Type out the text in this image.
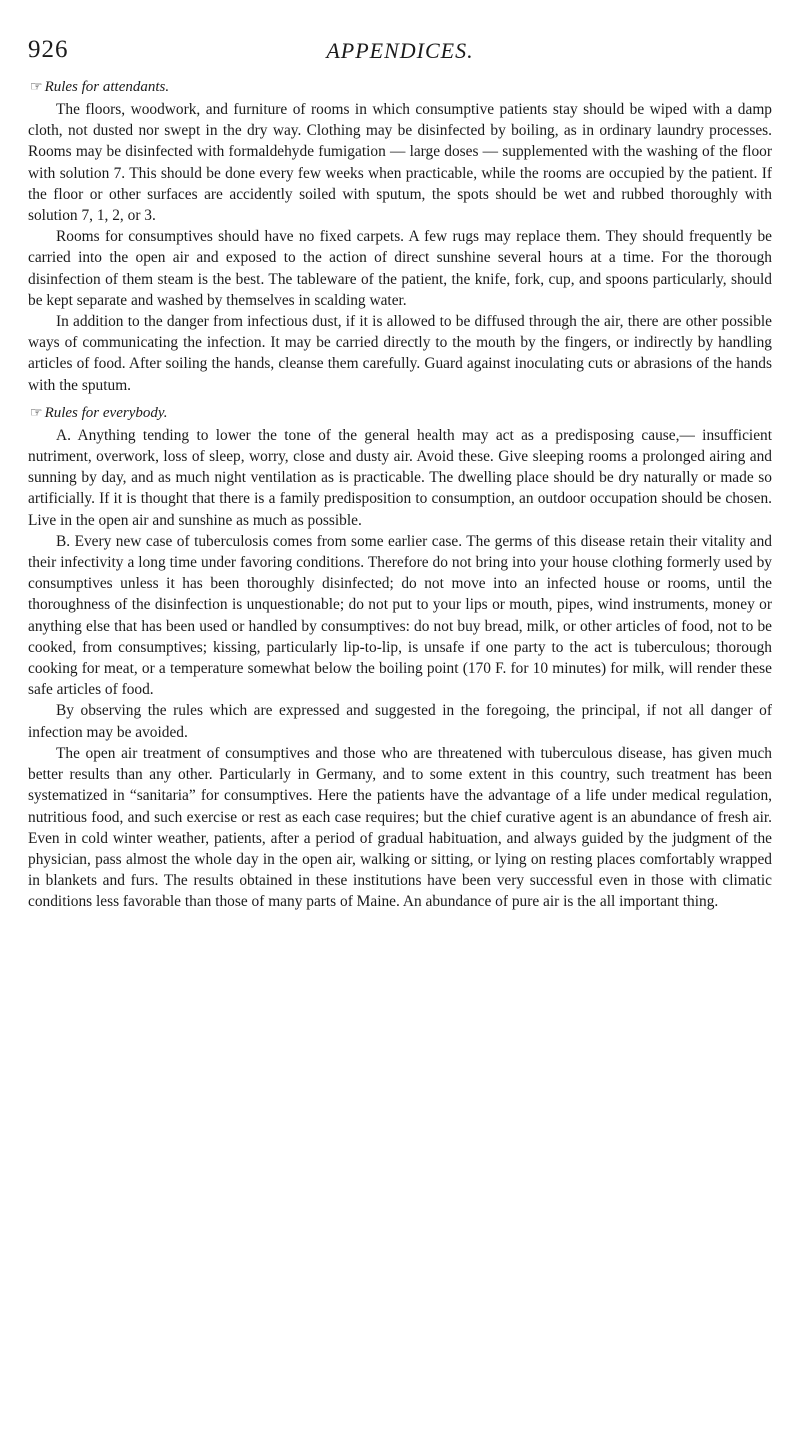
926	APPENDICES.
☞ Rules for attendants.

The floors, woodwork, and furniture of rooms in which consumptive patients stay should be wiped with a damp cloth, not dusted nor swept in the dry way. Clothing may be disinfected by boiling, as in ordinary laundry processes. Rooms may be disinfected with formaldehyde fumigation — large doses — supplemented with the washing of the floor with solution 7. This should be done every few weeks when practicable, while the rooms are occupied by the patient. If the floor or other surfaces are accidently soiled with sputum, the spots should be wet and rubbed thoroughly with solution 7, 1, 2, or 3.

Rooms for consumptives should have no fixed carpets. A few rugs may replace them. They should frequently be carried into the open air and exposed to the action of direct sunshine several hours at a time. For the thorough disinfection of them steam is the best. The tableware of the patient, the knife, fork, cup, and spoons particularly, should be kept separate and washed by themselves in scalding water.

In addition to the danger from infectious dust, if it is allowed to be diffused through the air, there are other possible ways of communicating the infection. It may be carried directly to the mouth by the fingers, or indirectly by handling articles of food. After soiling the hands, cleanse them carefully. Guard against inoculating cuts or abrasions of the hands with the sputum.

☞ Rules for everybody.

A. Anything tending to lower the tone of the general health may act as a predisposing cause,— insufficient nutriment, overwork, loss of sleep, worry, close and dusty air. Avoid these. Give sleeping rooms a prolonged airing and sunning by day, and as much night ventilation as is practicable. The dwelling place should be dry naturally or made so artificially. If it is thought that there is a family predisposition to consumption, an outdoor occupation should be chosen. Live in the open air and sunshine as much as possible.

B. Every new case of tuberculosis comes from some earlier case. The germs of this disease retain their vitality and their infectivity a long time under favoring conditions. Therefore do not bring into your house clothing formerly used by consumptives unless it has been thoroughly disinfected; do not move into an infected house or rooms, until the thoroughness of the disinfection is unquestionable; do not put to your lips or mouth, pipes, wind instruments, money or anything else that has been used or handled by consumptives: do not buy bread, milk, or other articles of food, not to be cooked, from consumptives; kissing, particularly lip-to-lip, is unsafe if one party to the act is tuberculous; thorough cooking for meat, or a temperature somewhat below the boiling point (170 F. for 10 minutes) for milk, will render these safe articles of food.

By observing the rules which are expressed and suggested in the foregoing, the principal, if not all danger of infection may be avoided.

The open air treatment of consumptives and those who are threatened with tuberculous disease, has given much better results than any other. Particularly in Germany, and to some extent in this country, such treatment has been systematized in “sanitaria” for consumptives. Here the patients have the advantage of a life under medical regulation, nutritious food, and such exercise or rest as each case requires; but the chief curative agent is an abundance of fresh air. Even in cold winter weather, patients, after a period of gradual habituation, and always guided by the judgment of the physician, pass almost the whole day in the open air, walking or sitting, or lying on resting places comfortably wrapped in blankets and furs. The results obtained in these institutions have been very successful even in those with climatic conditions less favorable than those of many parts of Maine. An abundance of pure air is the all important thing.
